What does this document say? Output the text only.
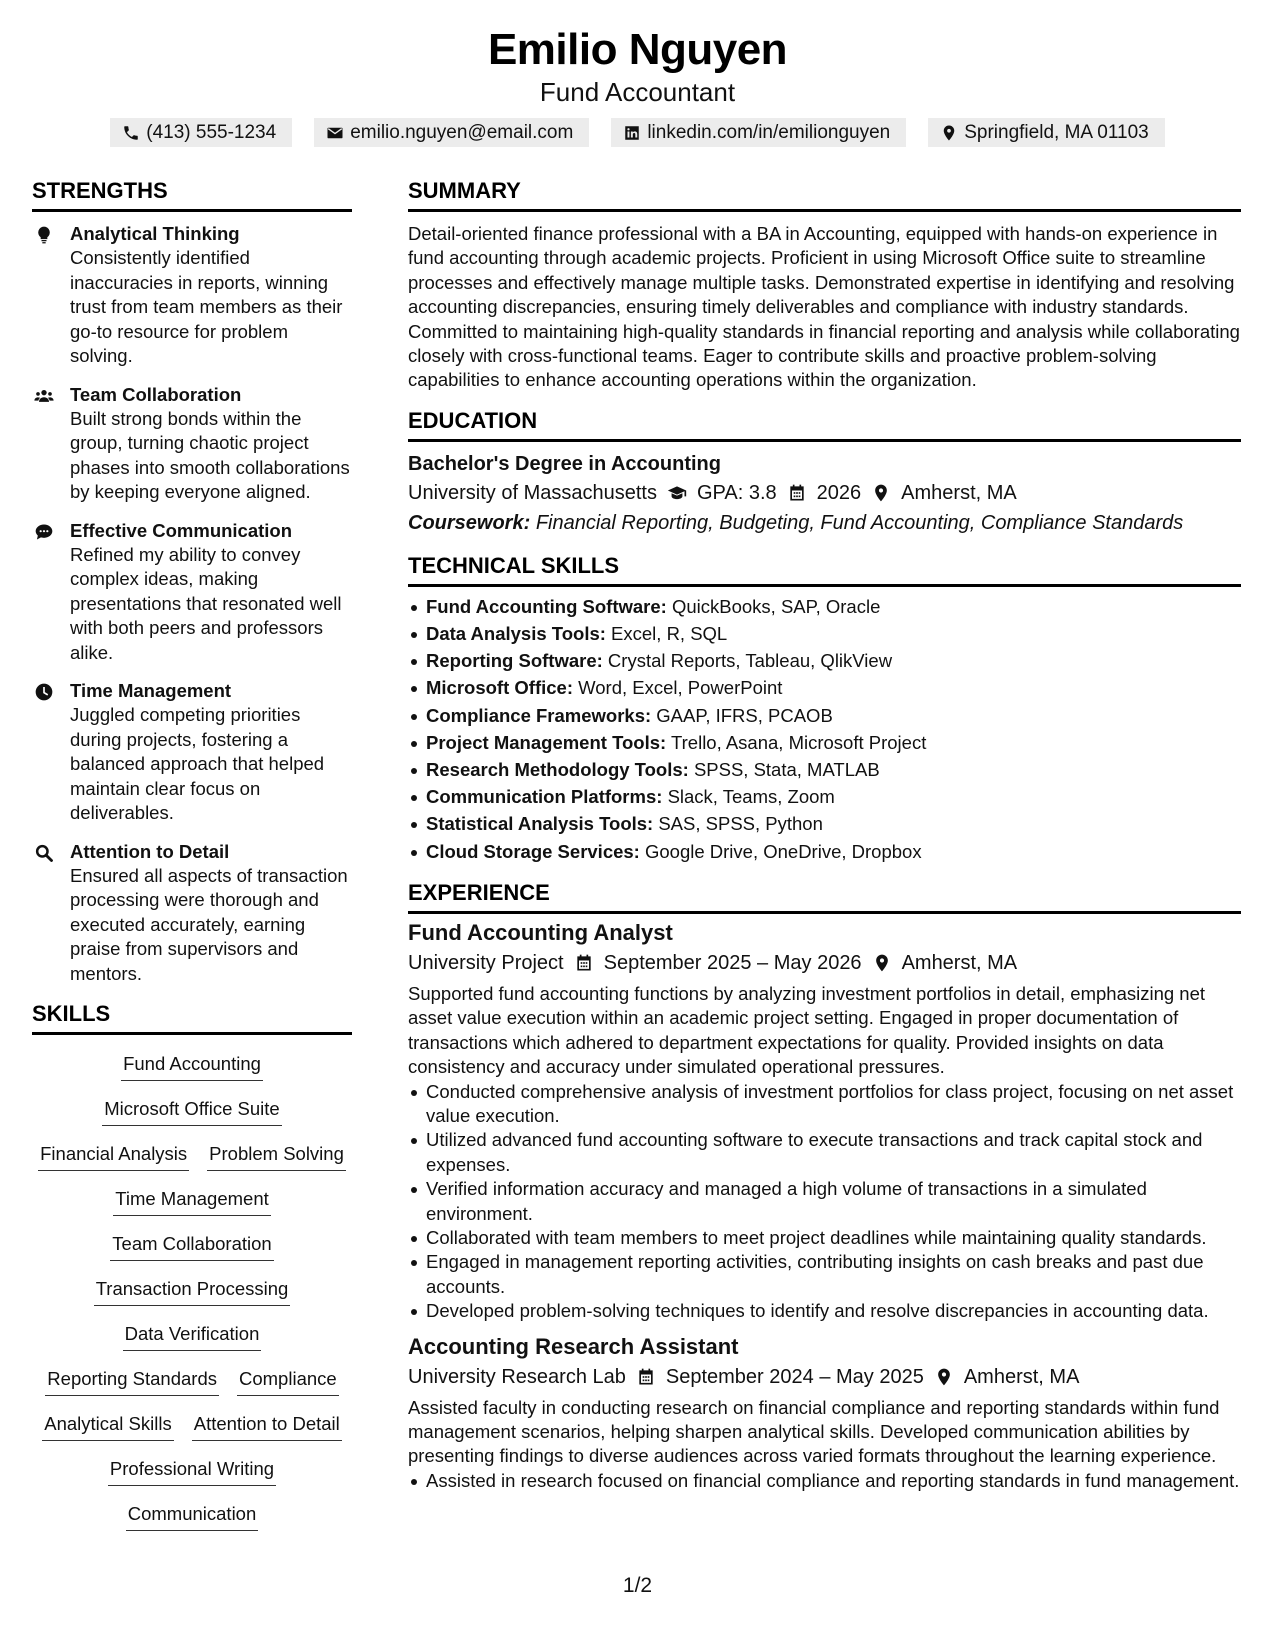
Emilio Nguyen
Fund Accountant
(413) 555-1234	emilio.nguyen@email.com	linkedin.com/in/emilionguyen	Springfield, MA 01103
STRENGTHS
Analytical Thinking
Consistently identified inaccuracies in reports, winning trust from team members as their go-to resource for problem solving.
Team Collaboration
Built strong bonds within the group, turning chaotic project phases into smooth collaborations by keeping everyone aligned.
Effective Communication
Refined my ability to convey complex ideas, making presentations that resonated well with both peers and professors alike.
Time Management
Juggled competing priorities during projects, fostering a balanced approach that helped maintain clear focus on deliverables.
Attention to Detail
Ensured all aspects of transaction processing were thorough and executed accurately, earning praise from supervisors and mentors.
SKILLS
Fund Accounting
Microsoft Office Suite
Financial Analysis Problem Solving
Time Management
Team Collaboration
Transaction Processing
Data Verification
Reporting Standards Compliance
Analytical Skills Attention to Detail
Professional Writing
Communication
SUMMARY
Detail-oriented finance professional with a BA in Accounting, equipped with hands-on experience in fund accounting through academic projects. Proficient in using Microsoft Office suite to streamline processes and effectively manage multiple tasks. Demonstrated expertise in identifying and resolving accounting discrepancies, ensuring timely deliverables and compliance with industry standards. Committed to maintaining high-quality standards in financial reporting and analysis while collaborating closely with cross-functional teams. Eager to contribute skills and proactive problem-solving capabilities to enhance accounting operations within the organization.
EDUCATION
Bachelor's Degree in Accounting
University of Massachusetts GPA: 3.8 2026 Amherst, MA
Coursework: Financial Reporting, Budgeting, Fund Accounting, Compliance Standards
TECHNICAL SKILLS
Fund Accounting Software: QuickBooks, SAP, Oracle
Data Analysis Tools: Excel, R, SQL
Reporting Software: Crystal Reports, Tableau, QlikView
Microsoft Office: Word, Excel, PowerPoint
Compliance Frameworks: GAAP, IFRS, PCAOB
Project Management Tools: Trello, Asana, Microsoft Project
Research Methodology Tools: SPSS, Stata, MATLAB
Communication Platforms: Slack, Teams, Zoom
Statistical Analysis Tools: SAS, SPSS, Python
Cloud Storage Services: Google Drive, OneDrive, Dropbox
EXPERIENCE
Fund Accounting Analyst
University Project September 2025 – May 2026 Amherst, MA
Supported fund accounting functions by analyzing investment portfolios in detail, emphasizing net asset value execution within an academic project setting. Engaged in proper documentation of transactions which adhered to department expectations for quality. Provided insights on data consistency and accuracy under simulated operational pressures.
Conducted comprehensive analysis of investment portfolios for class project, focusing on net asset value execution.
Utilized advanced fund accounting software to execute transactions and track capital stock and expenses.
Verified information accuracy and managed a high volume of transactions in a simulated environment.
Collaborated with team members to meet project deadlines while maintaining quality standards.
Engaged in management reporting activities, contributing insights on cash breaks and past due accounts.
Developed problem-solving techniques to identify and resolve discrepancies in accounting data.
Accounting Research Assistant
University Research Lab September 2024 – May 2025 Amherst, MA
Assisted faculty in conducting research on financial compliance and reporting standards within fund management scenarios, helping sharpen analytical skills. Developed communication abilities by presenting findings to diverse audiences across varied formats throughout the learning experience.
Assisted in research focused on financial compliance and reporting standards in fund management.
1/2
